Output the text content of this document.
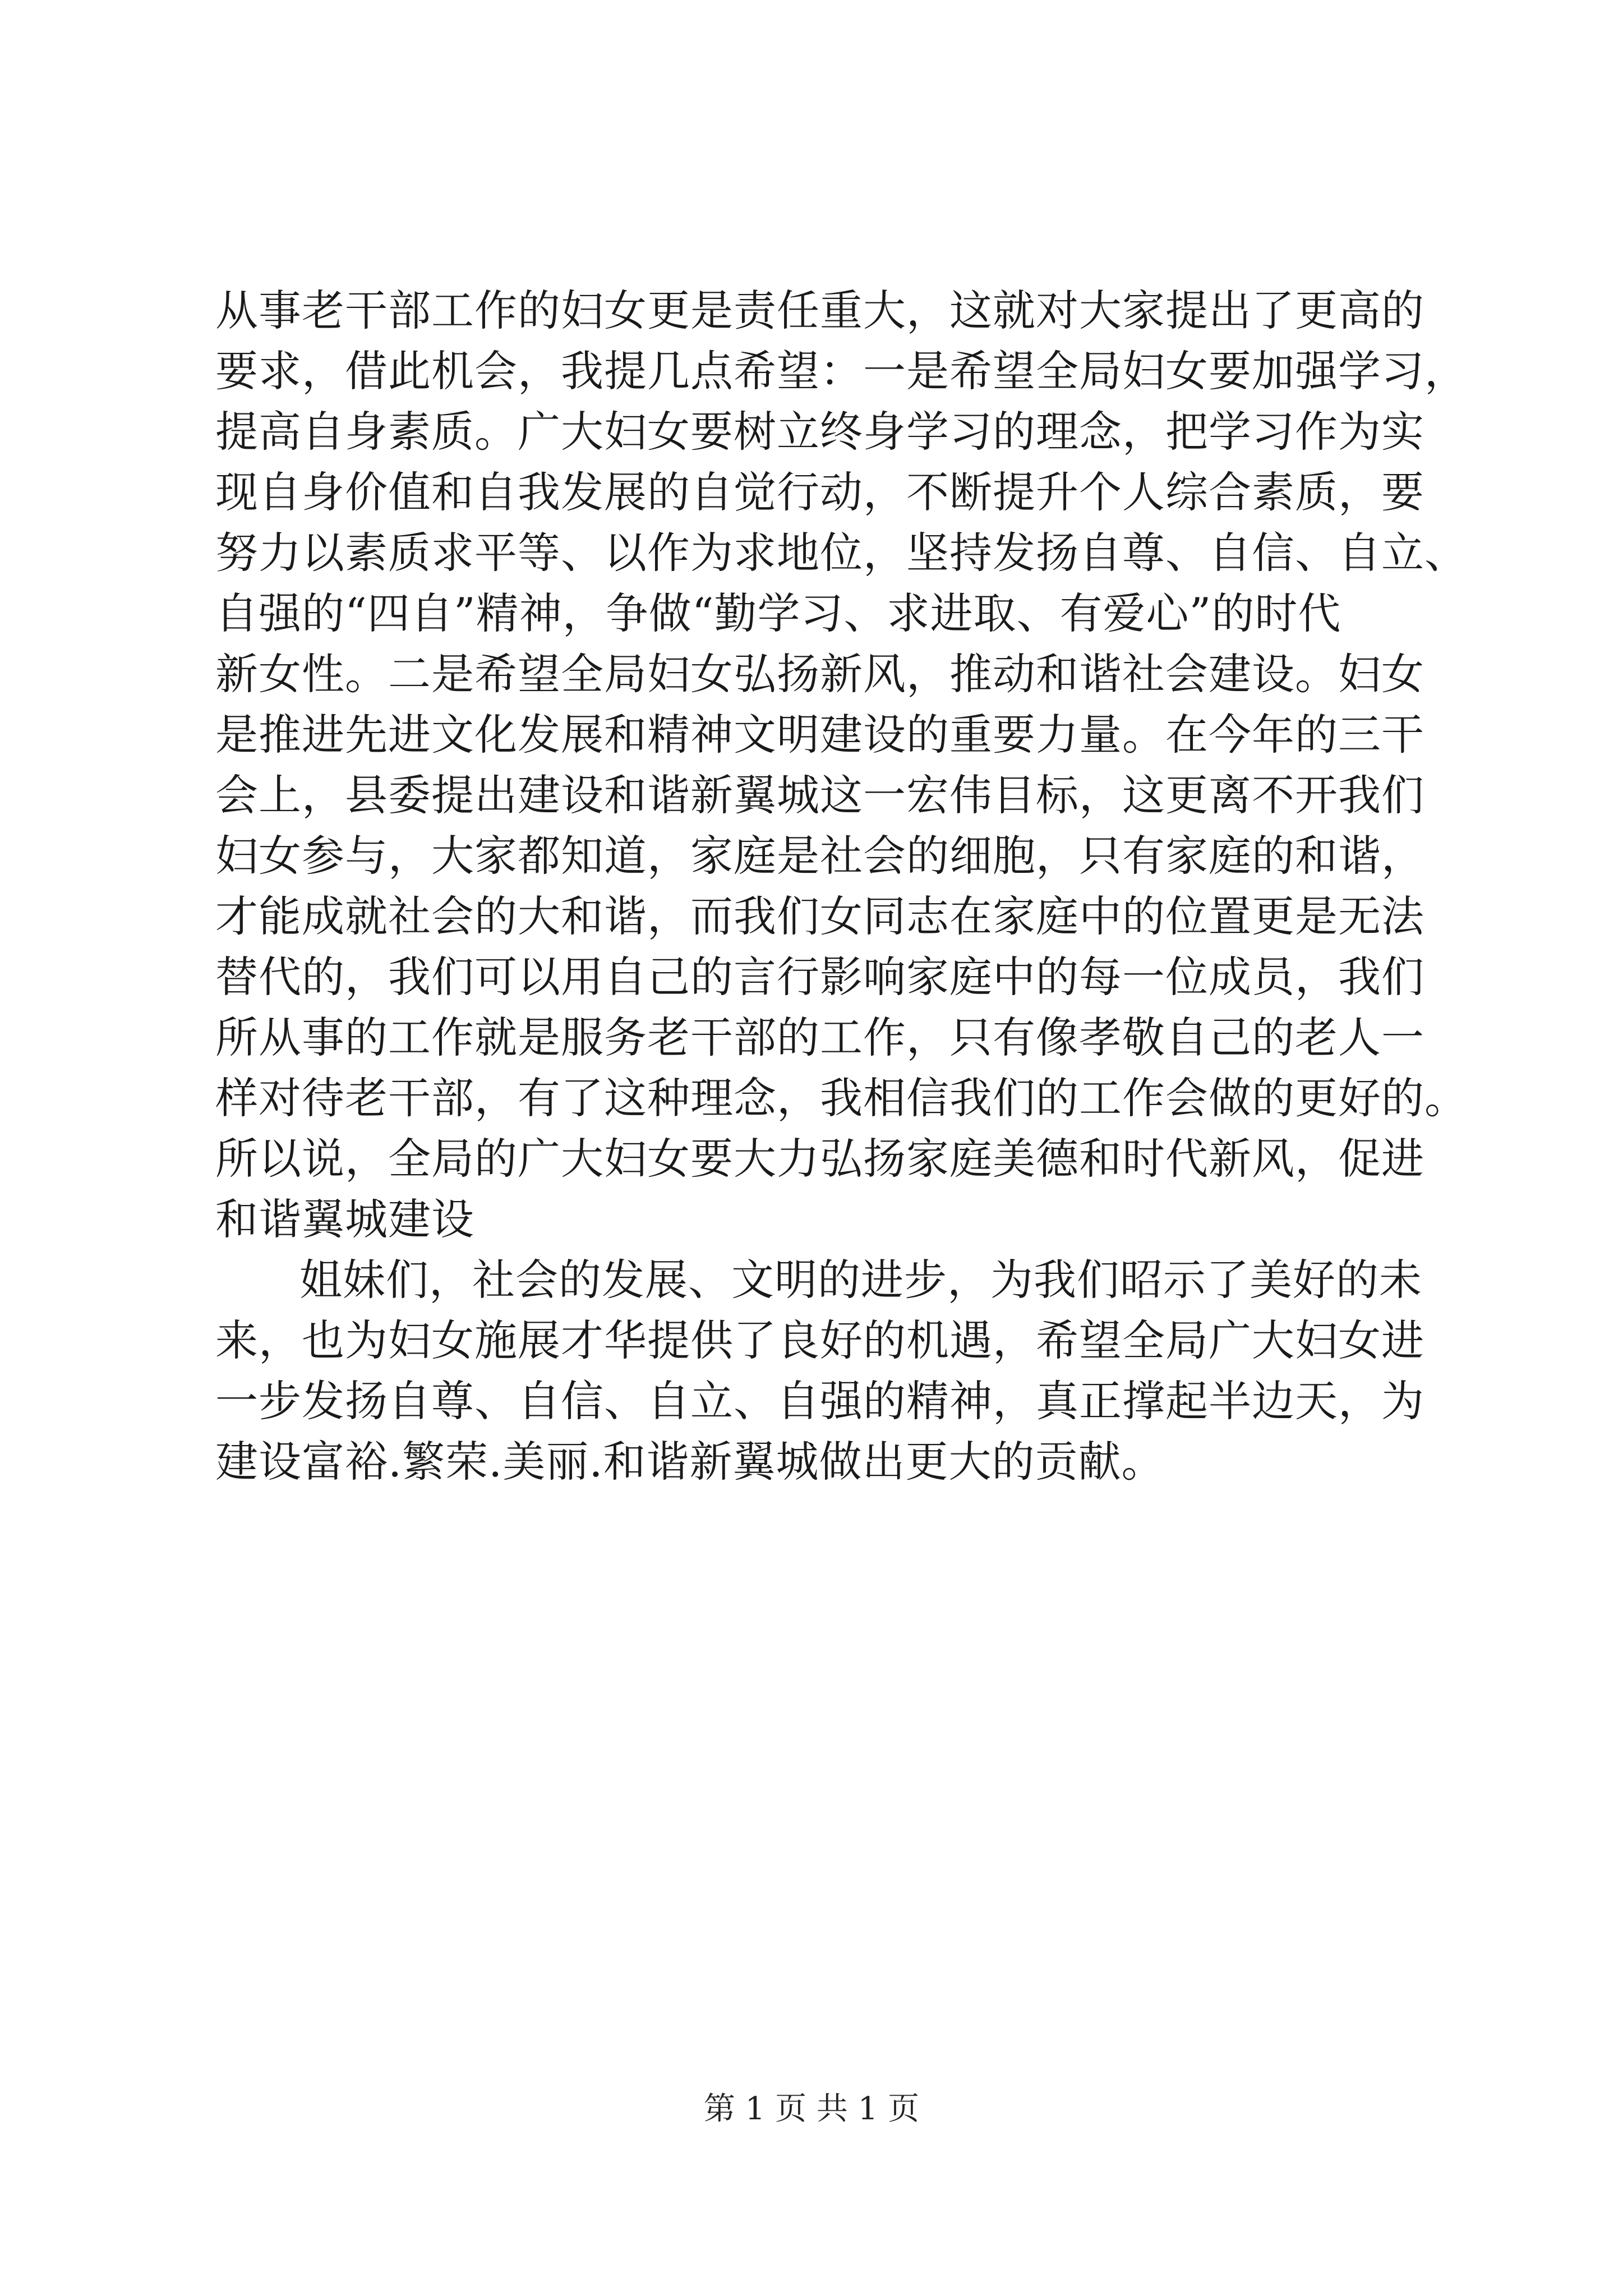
从事老干部工作的妇女更是责任重大，这就对大家提出了更高的
要求，借此机会，我提几点希望：一是希望全局妇女要加强学习，
提高自身素质。广大妇女要树立终身学习的理念，把学习作为实
现自身价值和自我发展的自觉行动，不断提升个人综合素质，要
努力以素质求平等、以作为求地位，坚持发扬自尊、自信、自立、
自强的“四自”精神，争做“勤学习、求进取、有爱心”的时代
新女性。二是希望全局妇女弘扬新风，推动和谐社会建设。妇女
是推进先进文化发展和精神文明建设的重要力量。在今年的三干
会上，县委提出建设和谐新翼城这一宏伟目标，这更离不开我们
妇女参与，大家都知道，家庭是社会的细胞，只有家庭的和谐，
才能成就社会的大和谐，而我们女同志在家庭中的位置更是无法
替代的，我们可以用自己的言行影响家庭中的每一位成员，我们
所从事的工作就是服务老干部的工作，只有像孝敬自己的老人一
样对待老干部，有了这种理念，我相信我们的工作会做的更好的。
所以说，全局的广大妇女要大力弘扬家庭美德和时代新风，促进
和谐翼城建设
姐妹们，社会的发展、文明的进步，为我们昭示了美好的未
来，也为妇女施展才华提供了良好的机遇，希望全局广大妇女进
一步发扬自尊、自信、自立、自强的精神，真正撑起半边天，为
建设富裕.繁荣.美丽.和谐新翼城做出更大的贡献。
第 1 页 共 1 页
